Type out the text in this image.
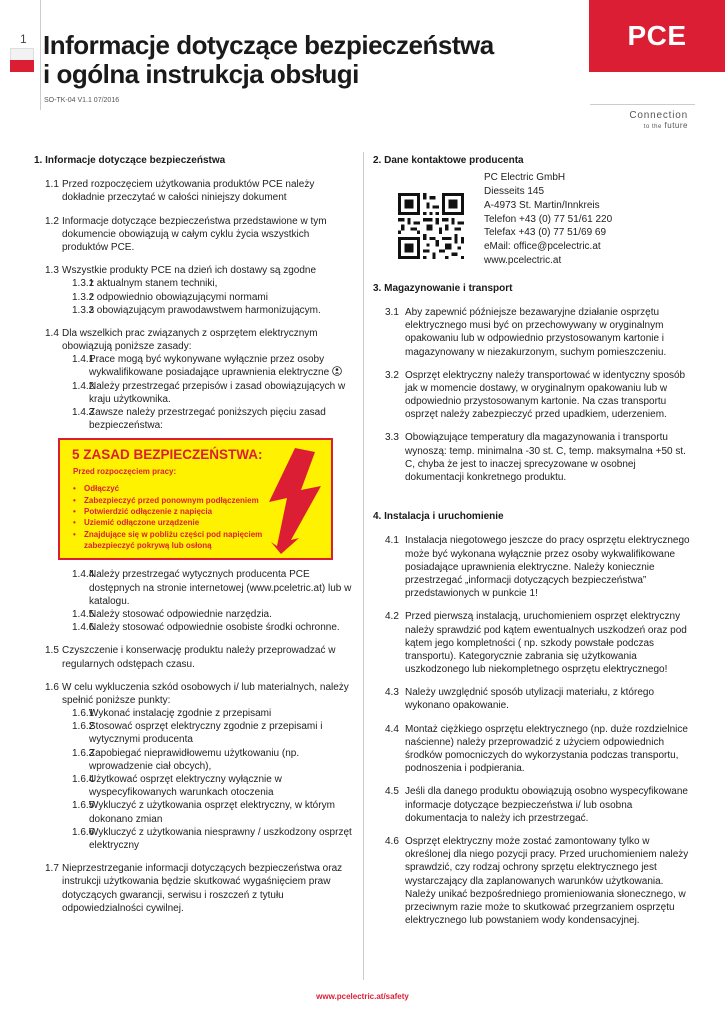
1 Informacje dotyczące bezpieczeństwa
i ogólna instrukcja obsługi
SO-TK-04 V1.1 07/2016
PCE
Connection
to the future
1. Informacje dotyczące bezpieczeństwa
1.1 Przed rozpoczęciem użytkowania produktów PCE należy dokładnie przeczytać w całości niniejszy dokument
1.2 Informacje dotyczące bezpieczeństwa przedstawione w tym dokumencie obowiązują w całym cyklu życia wszystkich produktów PCE.
1.3 Wszystkie produkty PCE na dzień ich dostawy są zgodne
1.3.1
z aktualnym stanem techniki,
1.3.2
z odpowiednio obowiązującymi normami
1.3.3
z obowiązującym prawodawstwem harmonizującym.
1.4 Dla wszelkich prac związanych z osprzętem elektrycznym obowiązują poniższe zasady:
1.4.1
Prace mogą być wykonywane wyłącznie przez osoby wykwalifikowane posiadające uprawnienia elektryczne
1.4.2
Należy przestrzegać przepisów i zasad obowiązujących w kraju użytkownika.
1.4.3
Zawsze należy przestrzegać poniższych pięciu zasad bezpieczeństwa:
5 ZASAD BEZPIECZEŃSTWA:
Przed rozpoczęciem pracy:
•	Odłączyć
•	Zabezpieczyć przed ponownym podłączeniem
•	Potwierdzić odłączenie z napięcia
•	Uziemić odłączone urządzenie
•	Znajdujące się w pobliżu części pod napięciem zabezpieczyć pokrywą lub osłoną
1.4.4
Należy przestrzegać wytycznych producenta PCE dostępnych na stronie internetowej (www.pceletric.at) lub w katalogu.
1.4.5
Należy stosować odpowiednie narzędzia.
1.4.6
Należy stosować odpowiednie osobiste środki ochronne.
1.5 Czyszczenie i konserwację produktu należy przeprowadzać w regularnych odstępach czasu.
1.6 W celu wykluczenia szkód osobowych i/ lub materialnych, należy spełnić poniższe punkty:
1.6.1
Wykonać instalację zgodnie z przepisami
1.6.2
Stosować osprzęt elektryczny zgodnie z przepisami i wytycznymi producenta
1.6.3
Zapobiegać nieprawidłowemu użytkowaniu (np. wprowadzenie ciał obcych),
1.6.4
Użytkować osprzęt elektryczny wyłącznie w wyspecyfikowanych warunkach otoczenia
1.6.5
Wykluczyć z użytkowania osprzęt elektryczny, w którym dokonano zmian
1.6.6
Wykluczyć z użytkowania niesprawny / uszkodzony osprzęt elektryczny
1.7 Nieprzestrzeganie informacji dotyczących bezpieczeństwa oraz instrukcji użytkowania będzie skutkować wygaśnięciem praw dotyczących gwarancji, serwisu i roszczeń z tytułu odpowiedzialności cywilnej.
2. Dane kontaktowe producenta
PC Electric GmbH
Diesseits 145
A-4973 St. Martin/Innkreis
Telefon +43 (0) 77 51/61 220
Telefax +43 (0) 77 51/69 69
eMail: office@pcelectric.at
www.pcelectric.at
3. Magazynowanie i transport
3.1 Aby zapewnić późniejsze bezawaryjne działanie osprzętu elektrycznego musi być on przechowywany w oryginalnym opakowaniu lub w odpowiednio przystosowanym kartonie i magazynowany w niezakurzonym, suchym pomieszczeniu.
3.2 Osprzęt elektryczny należy transportować w identyczny sposób jak w momencie dostawy, w oryginalnym opakowaniu lub w odpowiednio przystosowanym kartonie. Na czas transportu osprzęt należy zabezpieczyć przed upadkiem, uderzeniem.
3.3 Obowiązujące temperatury dla magazynowania i transportu wynoszą: temp. minimalna -30 st. C, temp. maksymalna +50 st. C, chyba że jest to inaczej sprecyzowane w osobnej dokumentacji konkretnego produktu.
4. Instalacja i uruchomienie
4.1 Instalacja niegotowego jeszcze do pracy osprzętu elektrycznego może być wykonana wyłącznie przez osoby wykwalifikowane posiadające uprawnienia elektryczne. Należy koniecznie przestrzegać „informacji dotyczących bezpieczeństwa” przedstawionych w punkcie 1!
4.2 Przed pierwszą instalacją, uruchomieniem osprzęt elektryczny należy sprawdzić pod kątem ewentualnych uszkodzeń oraz pod kątem jego kompletności ( np. szkody powstałe podczas transportu). Kategorycznie zabrania się użytkowania uszkodzonego lub niekompletnego osprzętu elektrycznego!
4.3 Należy uwzględnić sposób utylizacji materiału, z którego wykonano opakowanie.
4.4 Montaż ciężkiego osprzętu elektrycznego (np. duże rozdzielnice naścienne) należy przeprowadzić z użyciem odpowiednich środków pomocniczych do wykorzystania podczas transportu, podnoszenia i podpierania.
4.5 Jeśli dla danego produktu obowiązują osobno wyspecyfikowane informacje dotyczące bezpieczeństwa i/ lub osobna dokumentacja to należy ich przestrzegać.
4.6 Osprzęt elektryczny może zostać zamontowany tylko w określonej dla niego pozycji pracy. Przed uruchomieniem należy sprawdzić, czy rodzaj ochrony sprzętu elektrycznego jest wystarczający dla zaplanowanych warunków użytkowania. Należy unikać bezpośredniego promieniowania słonecznego, w przeciwnym razie może to skutkować przegrzaniem osprzętu elektrycznego lub powstaniem wody kondensacyjnej.
www.pcelectric.at/safety
